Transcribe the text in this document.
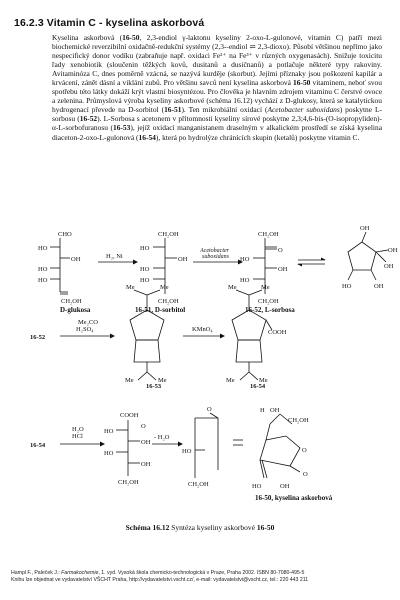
16.2.3 Vitamin C - kyselina askorbová
Kyselina askorbová (16-50, 2,3-endiol γ-laktonu kyseliny 2-oxo-L-gulonové, vitamin C) patří mezi biochemické reverzibilní oxidačně-redukční systémy (2,3--endiol ⇌ 2,3-dioxo). Působí většinou nepřímo jako nespecifický donor vodíku (zabraňuje např. oxidaci Fe²⁺ na Fe³⁺ v různých oxygenasách). Snižuje toxicitu řady xenobiotik (sloučenin těžkých kovů, dusitanů a dusičnanů) a potlačuje některé typy rakoviny. Avitaminóza C, dnes poměrně vzácná, se nazývá kurděje (skorbut). Jejími příznaky jsou poškození kapilár a krvácení, zánět dásní a viklání zubů. Pro většinu savců není kyselina askorbová 16-50 vitaminem, neboť svou spotřebu této látky dokáží krýt vlastní biosyntézou. Pro člověka je hlavním zdrojem vitaminu C čerstvé ovoce a zelenina. Průmyslová výroba kyseliny askorbové (schéma 16.12) vychází z D-glukosy, která se katalytickou hydrogenací převede na D-sorbitol (16-51). Ten mikrobiální oxidací (Acetobacter suboxidans) poskytne L-sorbosu (16-52). L-Sorbosa s acetonem v přítomnosti kyseliny sírové poskytne 2,3;4,6-bis-(O-isopropyliden)-α-L-sorbofuranosu (16-53), jejíž oxidací manganistanem draselným v alkalickém prostředí se získá kyselina diaceton-2-oxo-L-gulonová (16-54), která po hydrolýze chránících skupin (ketalů) poskytne vitamin C.
CHO
HO
OH
HO
HO
CH₂OH
H₂, Ni
CH₂OH
HO
OH
HO
HO
CH₂OH
Acetobacter
suboxidans
CH₂OH
O
HO
OH
HO
CH₂OH
OH
OH
OH
HO	OH
D-glukosa	16-51, D-sorbitol	16-52, L-sorbosa
16-52
Me₂CO
H₂SO₄	KMnO₄
16-53	16-54
Me
Me
Me	Me
Me
Me
Me	Me
COOH
16-54
H₂O
HCl
COOH
O
HO
OH
HO
OH
CH₂OH
- H₂O
O
HO
CH₂OH
H OH
CH₂OH
O
O
HO	OH
16-50, kyselina askorbová
Schéma 16.12 Syntéza kyseliny askorbové 16-50
Hampl F., Paleček J.: Farmakochemie, 1. vyd. Vysoká škola chemicko-technologická v Praze, Praha 2002. ISBN 80-7080-495-5
Knihu lze objednat ve vydavatelství VŠCHT Praha, http://vydavatelstvi.vscht.cz/, e-mail: vydavatelstvi@vscht.cz, tel.: 220 443 211
